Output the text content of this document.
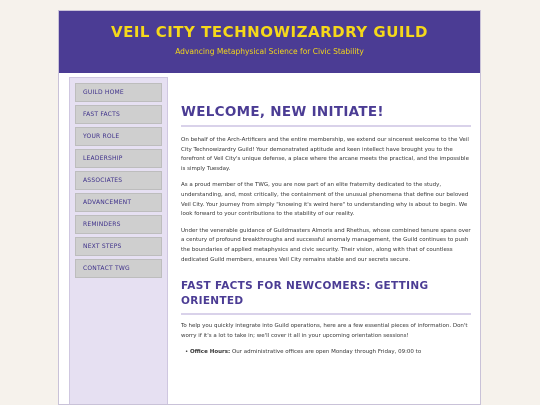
VEIL CITY TECHNOWIZARDRY GUILD
Advancing Metaphysical Science for Civic Stability
GUILD HOME
FAST FACTS
YOUR ROLE
LEADERSHIP
ASSOCIATES
ADVANCEMENT
REMINDERS
NEXT STEPS
CONTACT TWG
WELCOME, NEW INITIATE!

On behalf of the Arch-Artificers and the entire membership, we extend our sincerest welcome to the Veil City Technowizardry Guild! Your demonstrated aptitude and keen intellect have brought you to the forefront of Veil City's unique defense, a place where the arcane meets the practical, and the impossible is simply Tuesday.

As a proud member of the TWG, you are now part of an elite fraternity dedicated to the study, understanding, and, most critically, the containment of the unusual phenomena that define our beloved Veil City. Your journey from simply "knowing it's weird here" to understanding why is about to begin. We look forward to your contributions to the stability of our reality.

Under the venerable guidance of Guildmasters Almoris and Rhethus, whose combined tenure spans over a century of profound breakthroughs and successful anomaly management, the Guild continues to push the boundaries of applied metaphysics and civic security. Their vision, along with that of countless dedicated Guild members, ensures Veil City remains stable and our secrets secure.

FAST FACTS FOR NEWCOMERS: GETTING ORIENTED

To help you quickly integrate into Guild operations, here are a few essential pieces of information. Don't worry if it's a lot to take in; we'll cover it all in your upcoming orientation sessions!

• Office Hours: Our administrative offices are open Monday through Friday, 09:00 to
